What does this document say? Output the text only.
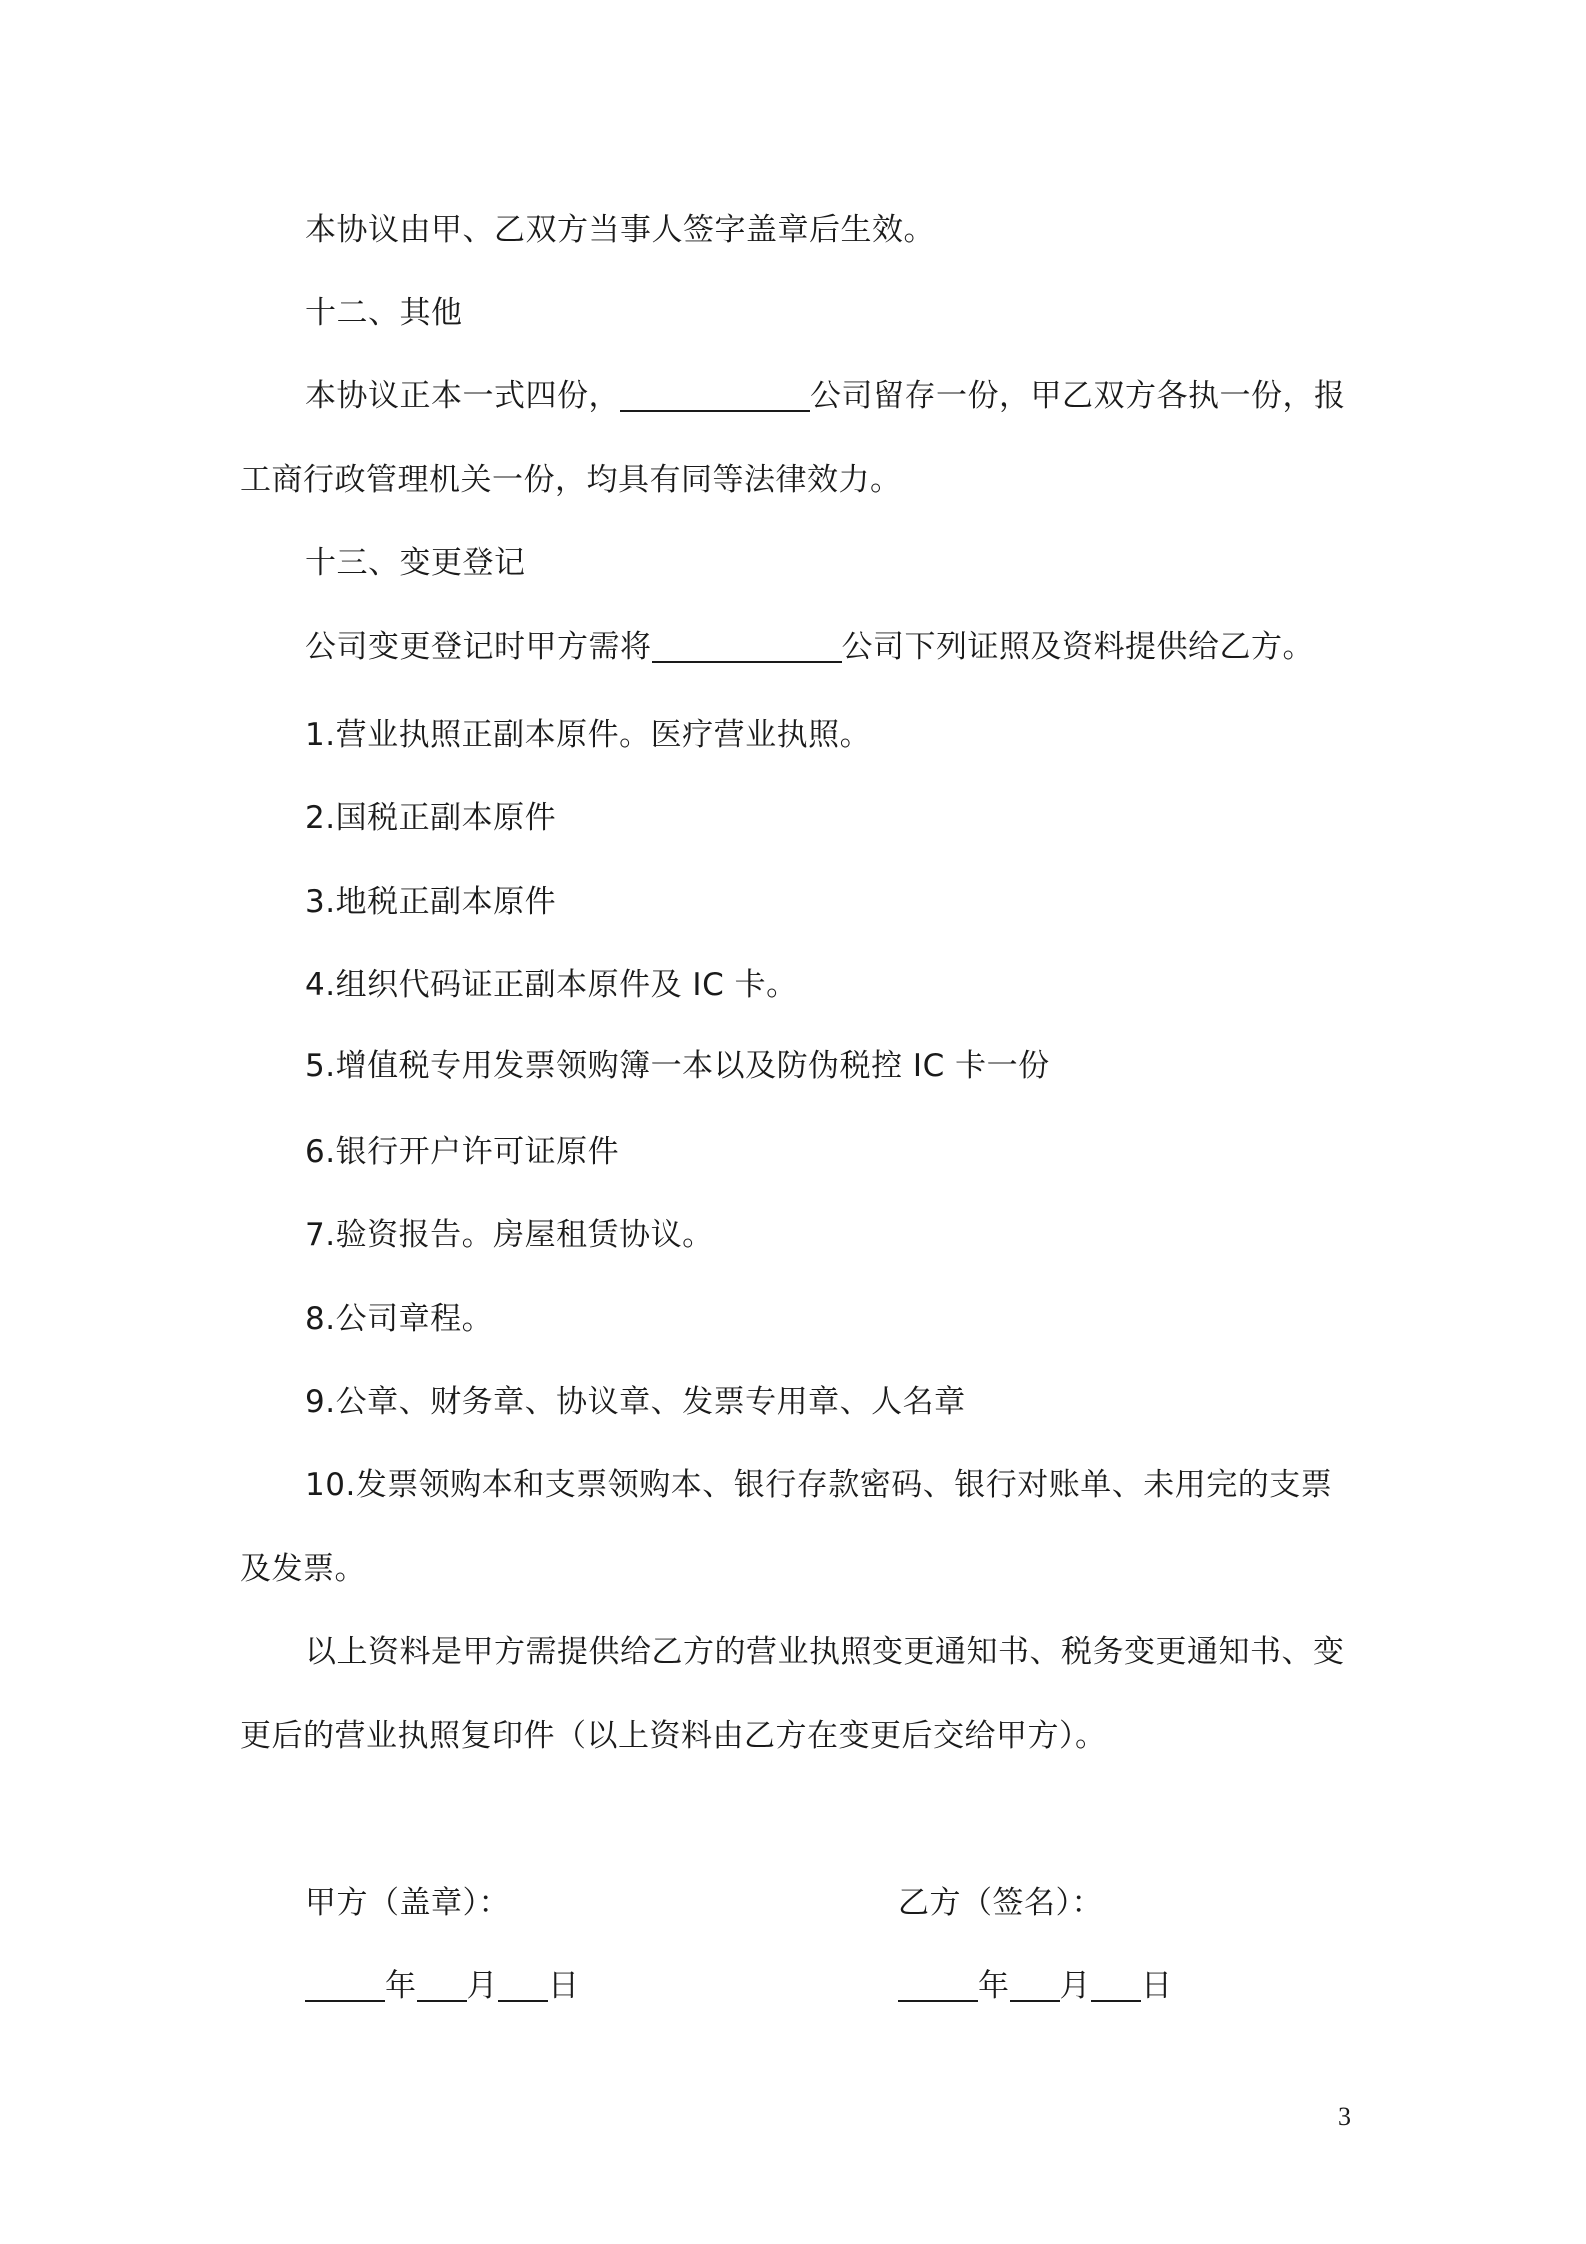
本协议由甲、乙双方当事人签字盖章后生效。
十二、其他
本协议正本一式四份，	公司留存一份，甲乙双方各执一份，报
工商行政管理机关一份，均具有同等法律效力。
十三、变更登记
公司变更登记时甲方需将	公司下列证照及资料提供给乙方。
1.营业执照正副本原件。医疗营业执照。
2.国税正副本原件
3.地税正副本原件
4.组织代码证正副本原件及 IC 卡。
5.增值税专用发票领购簿一本以及防伪税控 IC 卡一份
6.银行开户许可证原件
7.验资报告。房屋租赁协议。
8.公司章程。
9.公章、财务章、协议章、发票专用章、人名章
10.发票领购本和支票领购本、银行存款密码、银行对账单、未用完的支票
及发票。
以上资料是甲方需提供给乙方的营业执照变更通知书、税务变更通知书、变
更后的营业执照复印件（以上资料由乙方在变更后交给甲方）。
甲方（盖章）：	乙方（签名）：
年 月 日	年 月 日
3
